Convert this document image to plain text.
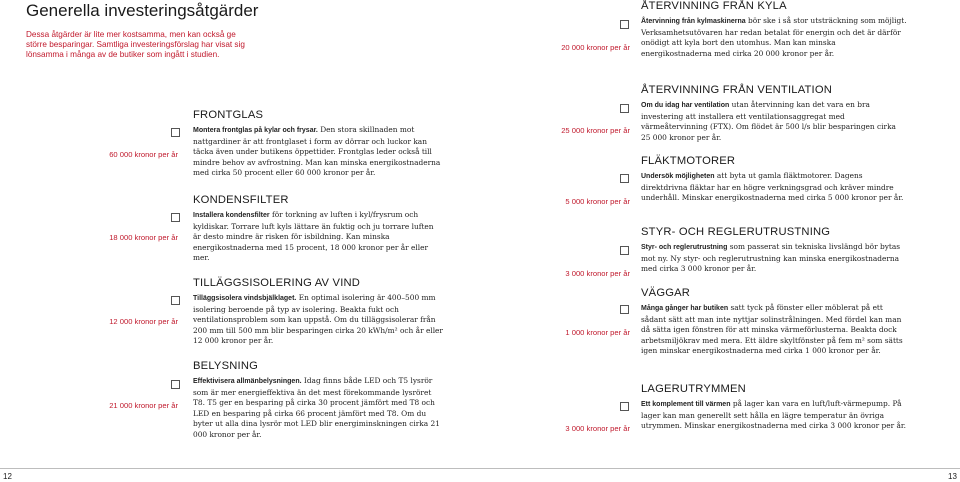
Generella investeringsåtgärder
Dessa åtgärder är lite mer kostsamma, men kan också ge
större besparingar. Samtliga investeringsförslag har visat sig
lönsamma i många av de butiker som ingått i studien.
60 000 kronor per år
FRONTGLAS

Montera frontglas på kylar och frysar. Den stora skillnaden mot nattgardiner är att frontglaset i form av dörrar och luckor kan täcka även under butikens öppettider. Frontglas leder också till mindre behov av avfrostning. Man kan minska energikostnaderna med cirka 50 procent eller 60 000 kronor per år.

18 000 kronor per år
KONDENSFILTER

Installera kondensfilter för torkning av luften i kyl/frysrum och kyldiskar. Torrare luft kyls lättare än fuktig och ju torrare luften är desto mindre är risken för isbildning. Kan minska energikostnaderna med 15 procent, 18 000 kronor per år eller mer.

12 000 kronor per år
TILLÄGGSISOLERING AV VIND

Tilläggsisolera vindsbjälklaget. En optimal isolering är 400–500 mm isolering beroende på typ av isolering. Beakta fukt och ventilationsproblem som kan uppstå. Om du tilläggsisolerar från 200 mm till 500 mm blir besparingen cirka 20 kWh/m² och år eller 12 000 kronor per år.

21 000 kronor per år
BELYSNING

Effektivisera allmänbelysningen. Idag finns både LED och T5 lysrör som är mer energieffektiva än det mest förekommande lysröret T8. T5 ger en besparing på cirka 30 procent jämfört med T8 och LED en besparing på cirka 66 procent jämfört med T8. Om du byter ut alla dina lysrör mot LED blir energiminskningen cirka 21 000 kronor per år.

20 000 kronor per år
ÅTERVINNING FRÅN KYLA

Återvinning från kylmaskinerna bör ske i så stor utsträckning som möjligt. Verksamhetsutövaren har redan betalat för energin och det är därför onödigt att kyla bort den utomhus. Man kan minska energikostnaderna med cirka 20 000 kronor per år.

25 000 kronor per år
ÅTERVINNING FRÅN VENTILATION

Om du idag har ventilation utan återvinning kan det vara en bra investering att installera ett ventilationsaggregat med värmeåtervinning (FTX). Om flödet är 500 l/s blir besparingen cirka 25 000 kronor per år.

5 000 kronor per år
FLÄKTMOTORER

Undersök möjligheten att byta ut gamla fläktmotorer. Dagens direktdrivna fläktar har en högre verkningsgrad och kräver mindre underhåll. Minskar energikostnaderna med cirka 5 000 kronor per år.

3 000 kronor per år
STYR- OCH REGLERUTRUSTNING

Styr- och reglerutrustning som passerat sin tekniska livslängd bör bytas mot ny. Ny styr- och reglerutrustning kan minska energikostnaderna med cirka 3 000 kronor per år.

1 000 kronor per år
VÄGGAR

Många gånger har butiken satt tyck på fönster eller möblerat på ett sådant sätt att man inte nyttjar solinstrålningen. Med fördel kan man då sätta igen fönstren för att minska värmeförlusterna. Beakta dock arbetsmiljökrav med mera. Ett äldre skyltfönster på fem m² som sätts igen minskar energikostnaderna med cirka 1 000 kronor per år.

3 000 kronor per år
LAGERUTRYMMEN

Ett komplement till värmen på lager kan vara en luft/luft-värmepump. På lager kan man generellt sett hålla en lägre temperatur än övriga utrymmen. Minskar energikostnaderna med cirka 3 000 kronor per år.

12	13
